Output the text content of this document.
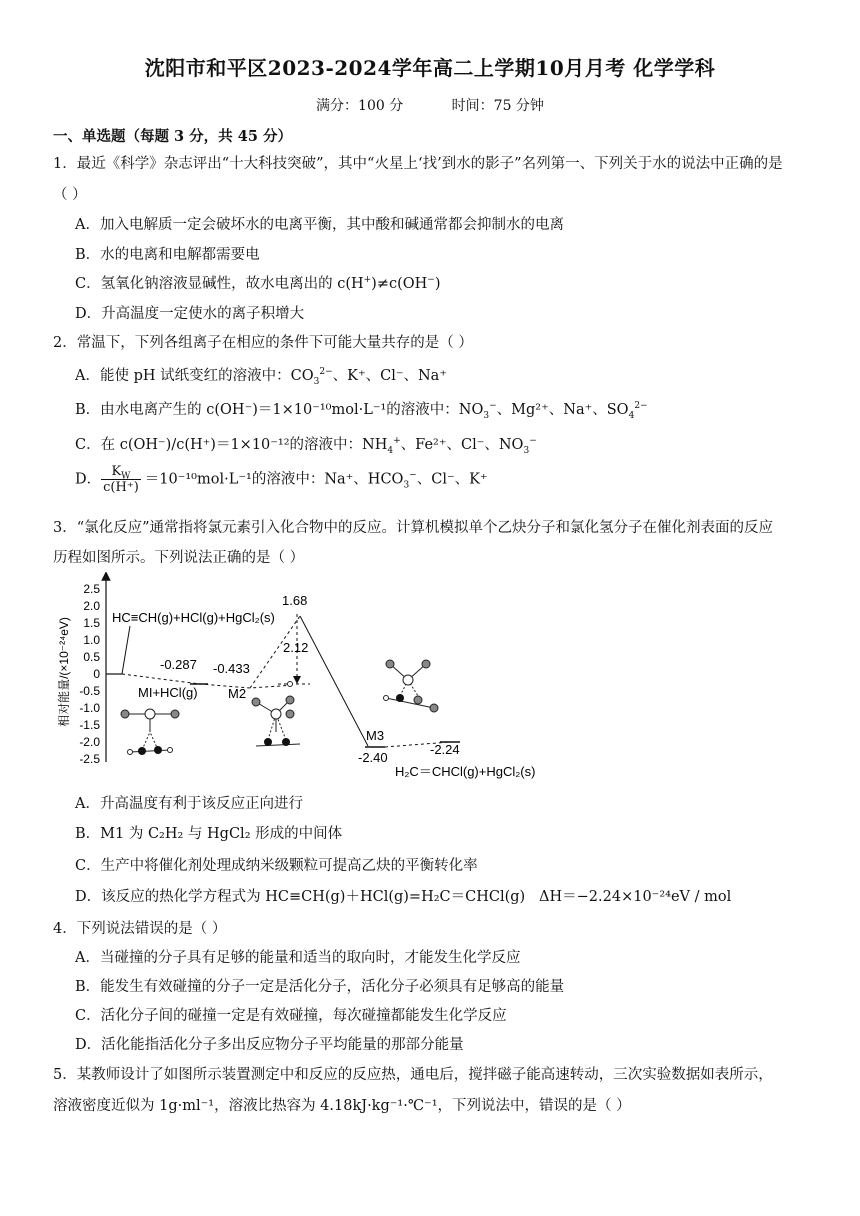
沈阳市和平区2023-2024学年高二上学期10月月考 化学学科
满分：100 分	时间：75 分钟
一、单选题（每题 3 分，共 45 分）
1．最近《科学》杂志评出“十大科技突破”，其中“火星上‘找’到水的影子”名列第一、下列关于水的说法中正确的是
（ ）
A．加入电解质一定会破坏水的电离平衡，其中酸和碱通常都会抑制水的电离
B．水的电离和电解都需要电
C．氢氧化钠溶液显碱性，故水电离出的 c(H+)≠c(OH−)
D．升高温度一定使水的离子积增大
2．常温下，下列各组离子在相应的条件下可能大量共存的是（ ）
A．能使 pH 试纸变红的溶液中：$CO_3^{2-}$、K⁺、Cl⁻、Na⁺
B．由水电离产生的 c(OH⁻)＝1×10⁻¹⁰mol·L⁻¹的溶液中：$NO_3^-$、Mg²⁺、Na⁺、$SO_4^{2-}$
C．在 c(OH⁻)/c(H⁺)＝1×10⁻¹²的溶液中：$NH_4^+$、Fe²⁺、Cl⁻、$NO_3^-$
D． $\frac{K_W}{c(H^+)} =10^{-10}mol\cdot L^{-1}$的溶液中：Na⁺、$HCO_3^-$、Cl⁻、K⁺
3．“氯化反应”通常指将氯元素引入化合物中的反应。计算机模拟单个乙炔分子和氯化氢分子在催化剂表面的反应
历程如图所示。下列说法正确的是（ ）
相对能量/(×10⁻²⁴eV)
2.5
2.0
1.5
1.0
0.5
0
-0.5
-1.0
-1.5
-2.0
-2.5
HC≡CH(g)+HCl(g)+HgCl₂(s)
-0.287
MI+HCl(g)
-0.433
M2
1.68
2.12
M3
-2.40
-2.24
H₂C＝CHCl(g)+HgCl₂(s)
A．升高温度有利于该反应正向进行
B．M1 为 C₂H₂ 与 HgCl₂ 形成的中间体
C．生产中将催化剂处理成纳米级颗粒可提高乙炔的平衡转化率
D．该反应的热化学方程式为 HC≡CH(g)＋HCl(g)=H₂C＝CHCl(g) ΔH＝−2.24×10⁻²⁴eV / mol
4．下列说法错误的是（ ）
A．当碰撞的分子具有足够的能量和适当的取向时，才能发生化学反应
B．能发生有效碰撞的分子一定是活化分子，活化分子必须具有足够高的能量
C．活化分子间的碰撞一定是有效碰撞，每次碰撞都能发生化学反应
D．活化能指活化分子多出反应物分子平均能量的那部分能量
5．某教师设计了如图所示装置测定中和反应的反应热，通电后，搅拌磁子能高速转动，三次实验数据如表所示，
溶液密度近似为 1g·ml⁻¹，溶液比热容为 4.18kJ·kg⁻¹·℃⁻¹，下列说法中，错误的是（ ）
